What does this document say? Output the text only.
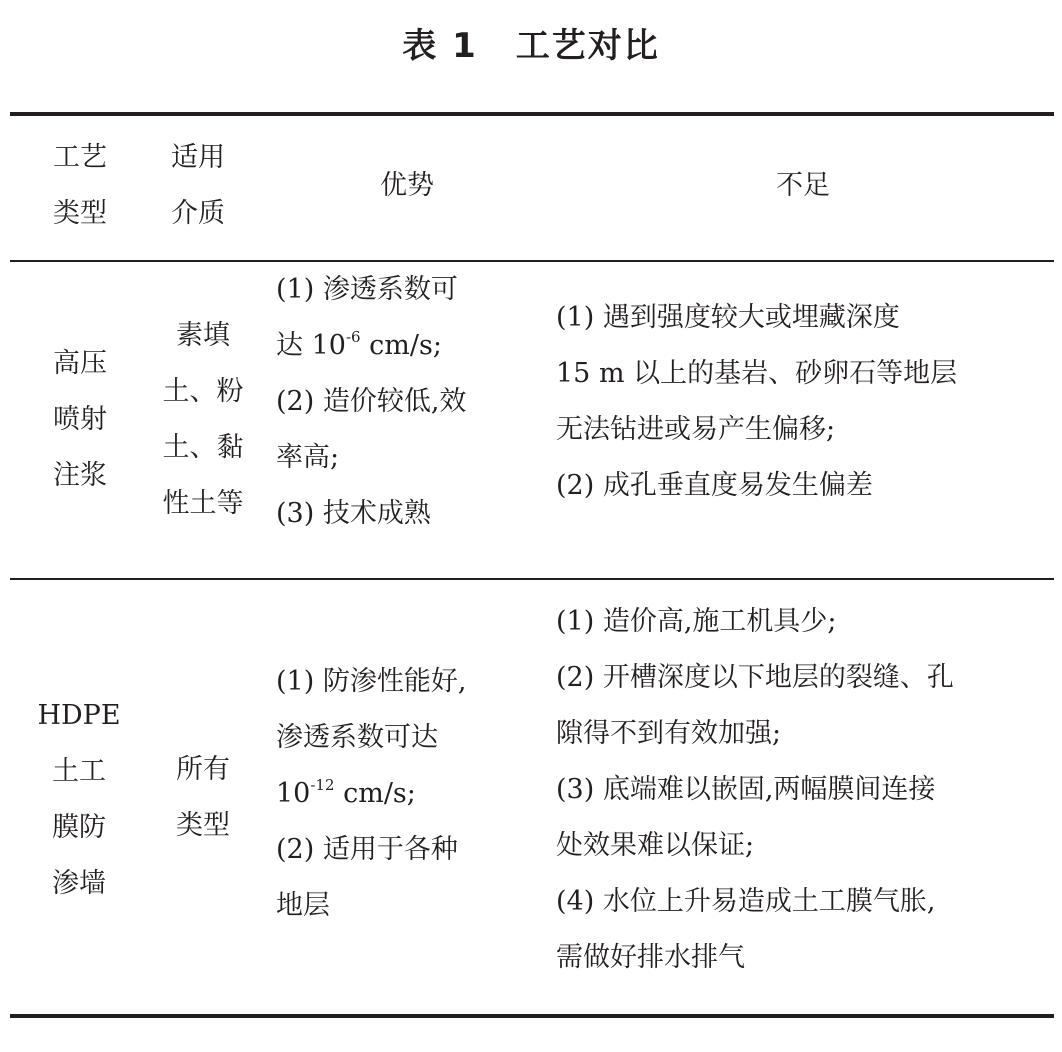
表 1 工艺对比
工艺
类型
适用
介质
优势	不足
高压
喷射
注浆
素填
土、粉
土、黏
性土等
(1) 渗透系数可
达 $10^{-6}$ cm/s;
(2) 造价较低,效
率高;
(3) 技术成熟
(1) 遇到强度较大或埋藏深度
15 m 以上的基岩、砂卵石等地层
无法钻进或易产生偏移;
(2) 成孔垂直度易发生偏差
HDPE
土工
膜防
渗墙
所有
类型
(1) 防渗性能好,
渗透系数可达
$10^{-12}$ cm/s;
(2) 适用于各种
地层
(1) 造价高,施工机具少;
(2) 开槽深度以下地层的裂缝、孔
隙得不到有效加强;
(3) 底端难以嵌固,两幅膜间连接
处效果难以保证;
(4) 水位上升易造成土工膜气胀,
需做好排水排气
